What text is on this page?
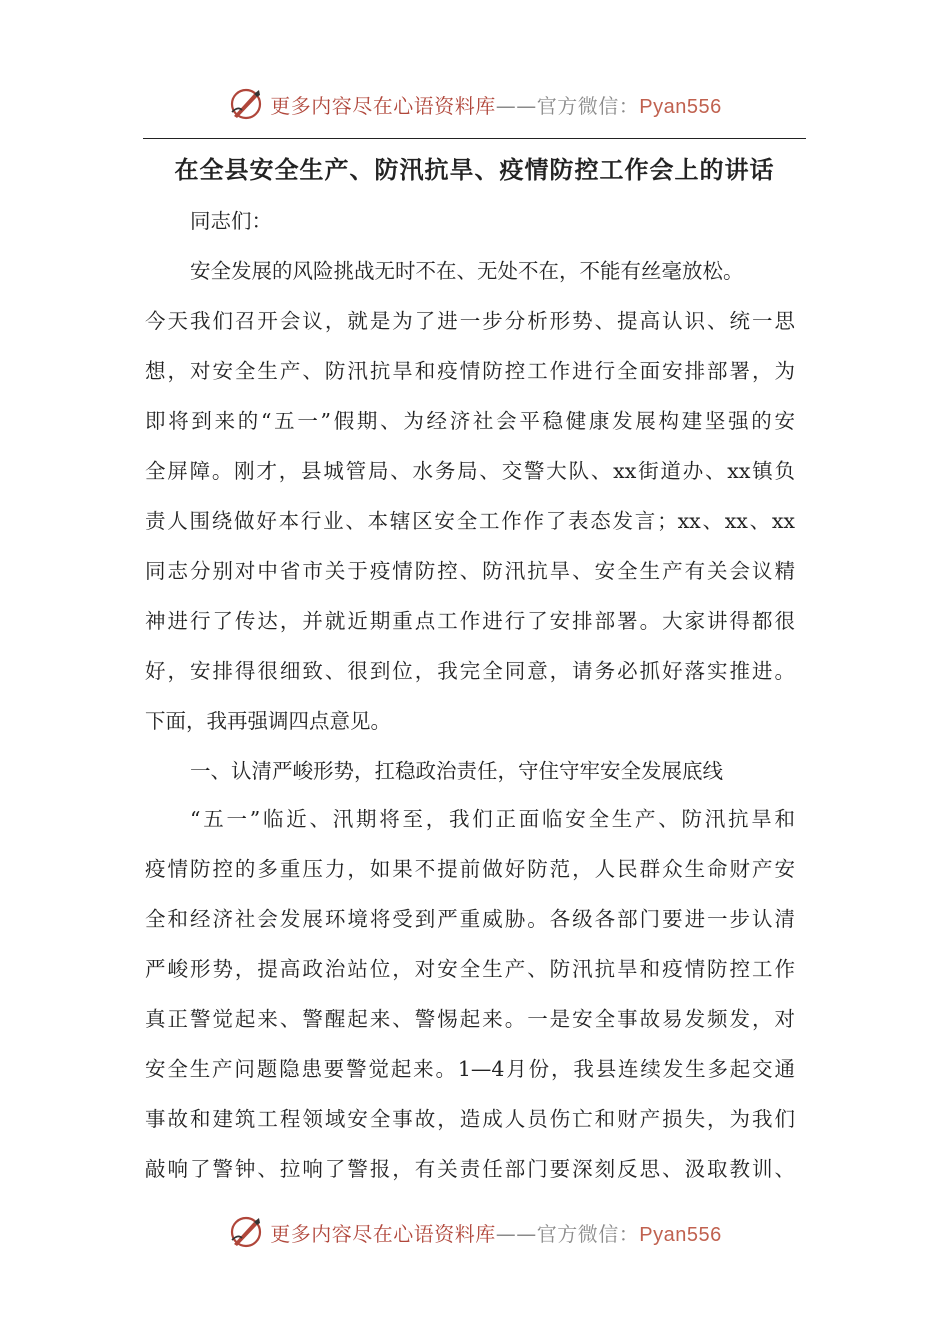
更多内容尽在心语资料库——官方微信：Pyan556
在全县安全生产、防汛抗旱、疫情防控工作会上的讲话
同志们：
安全发展的风险挑战无时不在、无处不在，不能有丝毫放松。
今天我们召开会议，就是为了进一步分析形势、提高认识、统一思
想，对安全生产、防汛抗旱和疫情防控工作进行全面安排部署，为
即将到来的“五一”假期、为经济社会平稳健康发展构建坚强的安
全屏障。刚才，县城管局、水务局、交警大队、xx街道办、xx镇负
责人围绕做好本行业、本辖区安全工作作了表态发言；xx、xx、xx
同志分别对中省市关于疫情防控、防汛抗旱、安全生产有关会议精
神进行了传达，并就近期重点工作进行了安排部署。大家讲得都很
好，安排得很细致、很到位，我完全同意，请务必抓好落实推进。
下面，我再强调四点意见。
一、认清严峻形势，扛稳政治责任，守住守牢安全发展底线
“五一”临近、汛期将至，我们正面临安全生产、防汛抗旱和
疫情防控的多重压力，如果不提前做好防范，人民群众生命财产安
全和经济社会发展环境将受到严重威胁。各级各部门要进一步认清
严峻形势，提高政治站位，对安全生产、防汛抗旱和疫情防控工作
真正警觉起来、警醒起来、警惕起来。一是安全事故易发频发，对
安全生产问题隐患要警觉起来。1—4月份，我县连续发生多起交通
事故和建筑工程领域安全事故，造成人员伤亡和财产损失，为我们
敲响了警钟、拉响了警报，有关责任部门要深刻反思、汲取教训、
更多内容尽在心语资料库——官方微信：Pyan556
